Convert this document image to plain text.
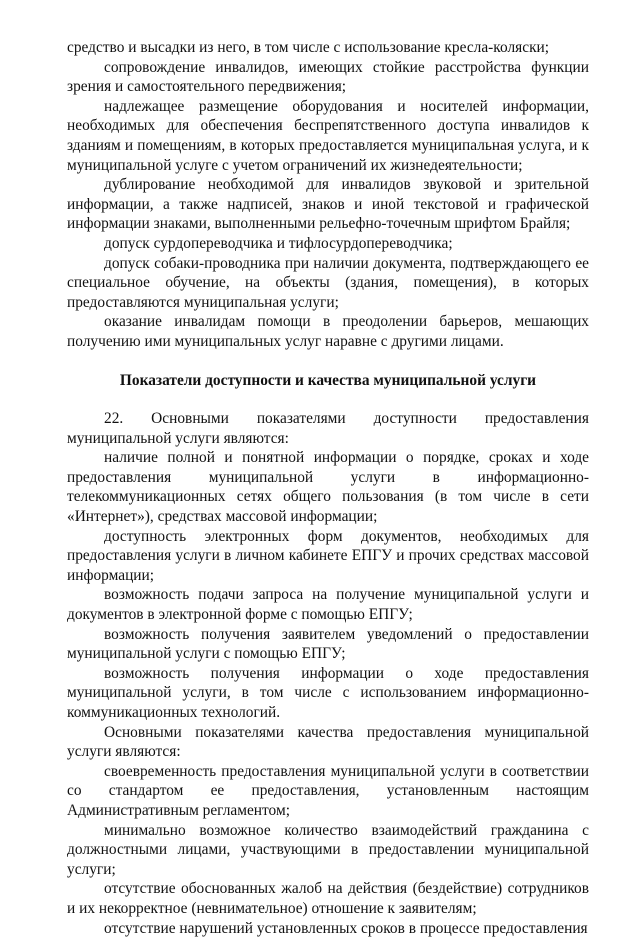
средство и высадки из него, в том числе с использование кресла-коляски;

сопровождение инвалидов, имеющих стойкие расстройства функции зрения и самостоятельного передвижения;

надлежащее размещение оборудования и носителей информации, необходимых для обеспечения беспрепятственного доступа инвалидов к зданиям и помещениям, в которых предоставляется муниципальная услуга, и к муниципальной услуге с учетом ограничений их жизнедеятельности;

дублирование необходимой для инвалидов звуковой и зрительной информации, а также надписей, знаков и иной текстовой и графической информации знаками, выполненными рельефно-точечным шрифтом Брайля;

допуск сурдопереводчика и тифлосурдопереводчика;

допуск собаки-проводника при наличии документа, подтверждающего ее специальное обучение, на объекты (здания, помещения), в которых предоставляются муниципальная услуги;

оказание инвалидам помощи в преодолении барьеров, мешающих получению ими муниципальных услуг наравне с другими лицами.

Показатели доступности и качества муниципальной услуги

22. Основными показателями доступности предоставления муниципальной услуги являются:

наличие полной и понятной информации о порядке, сроках и ходе предоставления муниципальной услуги в информационно-телекоммуникационных сетях общего пользования (в том числе в сети «Интернет»), средствах массовой информации;

доступность электронных форм документов, необходимых для предоставления услуги в личном кабинете ЕПГУ и прочих средствах массовой информации;

возможность подачи запроса на получение муниципальной услуги и документов в электронной форме с помощью ЕПГУ;

возможность получения заявителем уведомлений о предоставлении муниципальной услуги с помощью ЕПГУ;

возможность получения информации о ходе предоставления муниципальной услуги, в том числе с использованием информационно-коммуникационных технологий.

Основными показателями качества предоставления муниципальной услуги являются:

своевременность предоставления муниципальной услуги в соответствии со стандартом ее предоставления, установленным настоящим Административным регламентом;

минимально возможное количество взаимодействий гражданина с должностными лицами, участвующими в предоставлении муниципальной услуги;

отсутствие обоснованных жалоб на действия (бездействие) сотрудников и их некорректное (невнимательное) отношение к заявителям;

отсутствие нарушений установленных сроков в процессе предоставления
